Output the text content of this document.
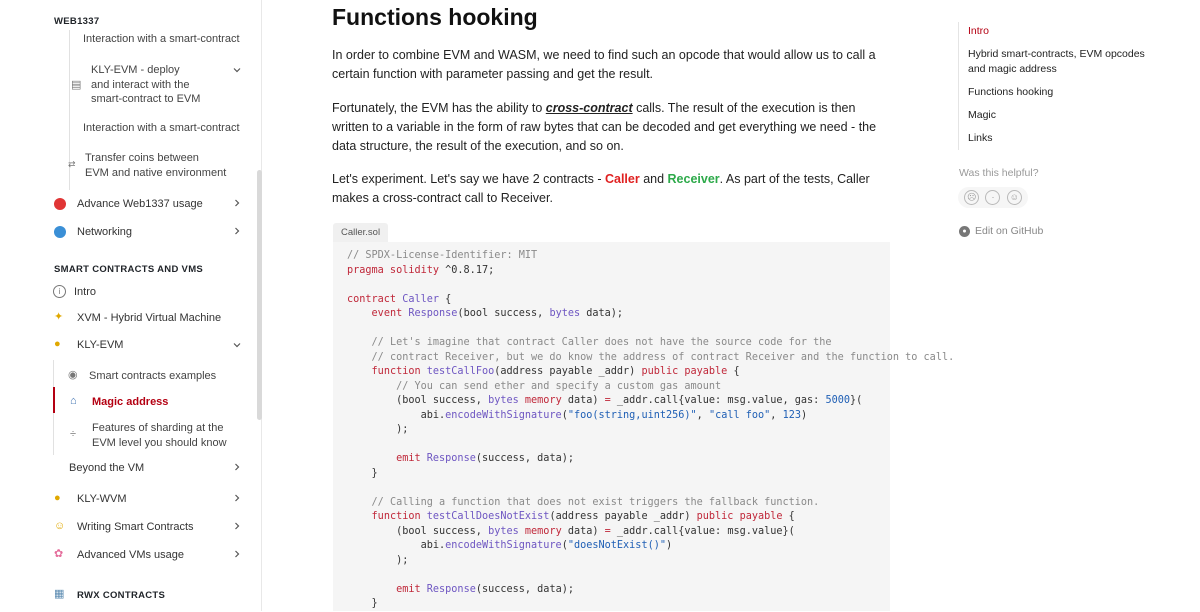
WEB1337
Interaction with a smart-contract
▤
KLY-EVM - deploy
and interact with the
smart-contract to EVM
Interaction with a smart-contract
⇄ Transfer coins between
EVM and native environment
Advance Web1337 usage
Networking
SMART CONTRACTS AND VMS
i	Intro
✦ XVM - Hybrid Virtual Machine
● KLY-EVM
◉ Smart contracts examples
⌂ Magic address
÷ Features of sharding at the
EVM level you should know
Beyond the VM
● KLY-WVM
☺ Writing Smart Contracts
✿ Advanced VMs usage
▦ RWX CONTRACTS
Functions hooking

In order to combine EVM and WASM, we need to find such an opcode that would allow us to call a certain function with parameter passing and get the result.

Fortunately, the EVM has the ability to cross-contract calls. The result of the execution is then written to a variable in the form of raw bytes that can be decoded and get everything we need - the data structure, the result of the execution, and so on.

Let's experiment. Let's say we have 2 contracts - Caller and Receiver. As part of the tests, Caller makes a cross-contract call to Receiver.

Caller.sol
// SPDX-License-Identifier: MIT
pragma solidity ^0.8.17;

contract Caller {
event Response(bool success, bytes data);

// Let's imagine that contract Caller does not have the source code for the
// contract Receiver, but we do know the address of contract Receiver and the function to call.
function testCallFoo(address payable _addr) public payable {
// You can send ether and specify a custom gas amount
(bool success, bytes memory data) = _addr.call{value: msg.value, gas: 5000}(
abi.encodeWithSignature("foo(string,uint256)", "call foo", 123)
);

emit Response(success, data);
}

// Calling a function that does not exist triggers the fallback function.
function testCallDoesNotExist(address payable _addr) public payable {
(bool success, bytes memory data) = _addr.call{value: msg.value}(
abi.encodeWithSignature("doesNotExist()")
);

emit Response(success, data);
}
Intro
Hybrid smart-contracts, EVM opcodes and magic address
Functions hooking
Magic
Links
Was this helpful?
☹	·	☺
● Edit on GitHub
